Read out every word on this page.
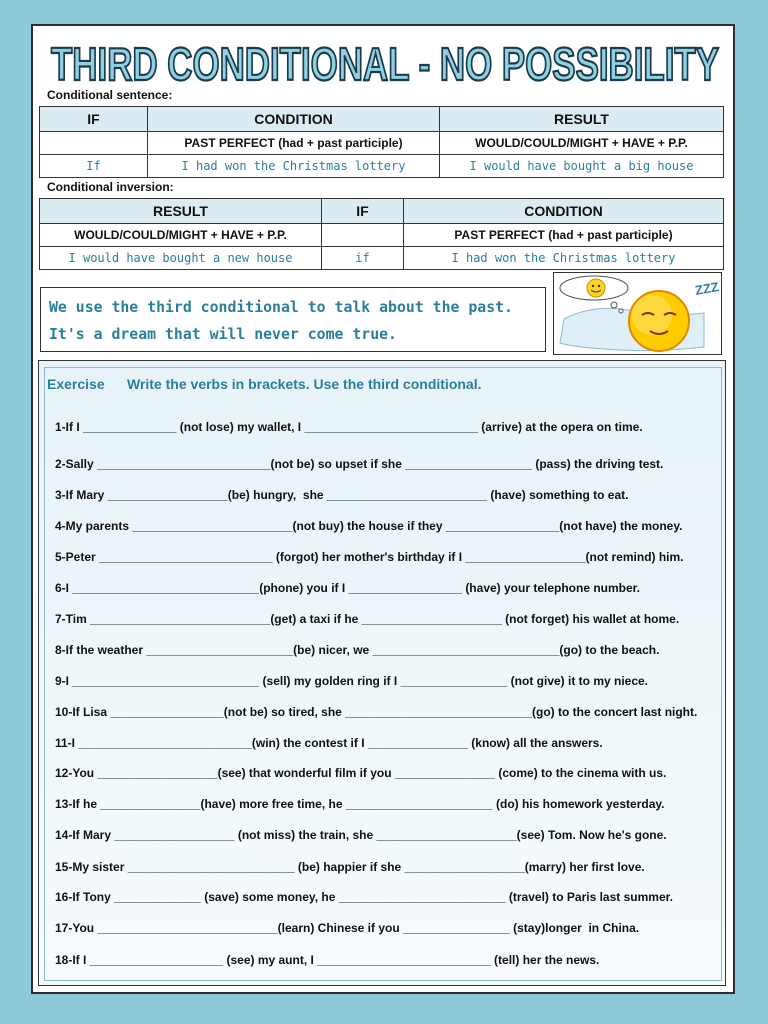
THIRD CONDITIONAL - NO POSSIBILITY
Conditional sentence:
IF	CONDITION	RESULT
	PAST PERFECT (had + past participle)	WOULD/COULD/MIGHT + HAVE + P.P.
If	I had won the Christmas lottery	I would have bought a big house
Conditional inversion:
RESULT	IF	CONDITION
WOULD/COULD/MIGHT + HAVE + P.P.		PAST PERFECT (had + past participle)
I would have bought a new house	if	I had won the Christmas lottery
We use the third conditional to talk about the past.
It's a dream that will never come true.
ZZZ
Exercise Write the verbs in brackets. Use the third conditional.
1-If I ______________ (not lose) my wallet, I __________________________ (arrive) at the opera on time.
2-Sally __________________________(not be) so upset if she ___________________ (pass) the driving test.
3-If Mary __________________(be) hungry,  she ________________________ (have) something to eat.
4-My parents ________________________(not buy) the house if they _________________(not have) the money.
5-Peter __________________________ (forgot) her mother's birthday if I __________________(not remind) him.
6-I ____________________________(phone) you if I _________________ (have) your telephone number.
7-Tim ___________________________(get) a taxi if he _____________________ (not forget) his wallet at home.
8-If the weather ______________________(be) nicer, we ____________________________(go) to the beach.
9-I ____________________________ (sell) my golden ring if I ________________ (not give) it to my niece.
10-If Lisa _________________(not be) so tired, she ____________________________(go) to the concert last night.
11-I __________________________(win) the contest if I _______________ (know) all the answers.
12-You __________________(see) that wonderful film if you _______________ (come) to the cinema with us.
13-If he _______________(have) more free time, he ______________________ (do) his homework yesterday.
14-If Mary __________________ (not miss) the train, she _____________________(see) Tom. Now he's gone.
15-My sister _________________________ (be) happier if she __________________(marry) her first love.
16-If Tony _____________ (save) some money, he _________________________ (travel) to Paris last summer.
17-You ___________________________(learn) Chinese if you ________________ (stay)longer  in China.
18-If I ____________________ (see) my aunt, I __________________________ (tell) her the news.
